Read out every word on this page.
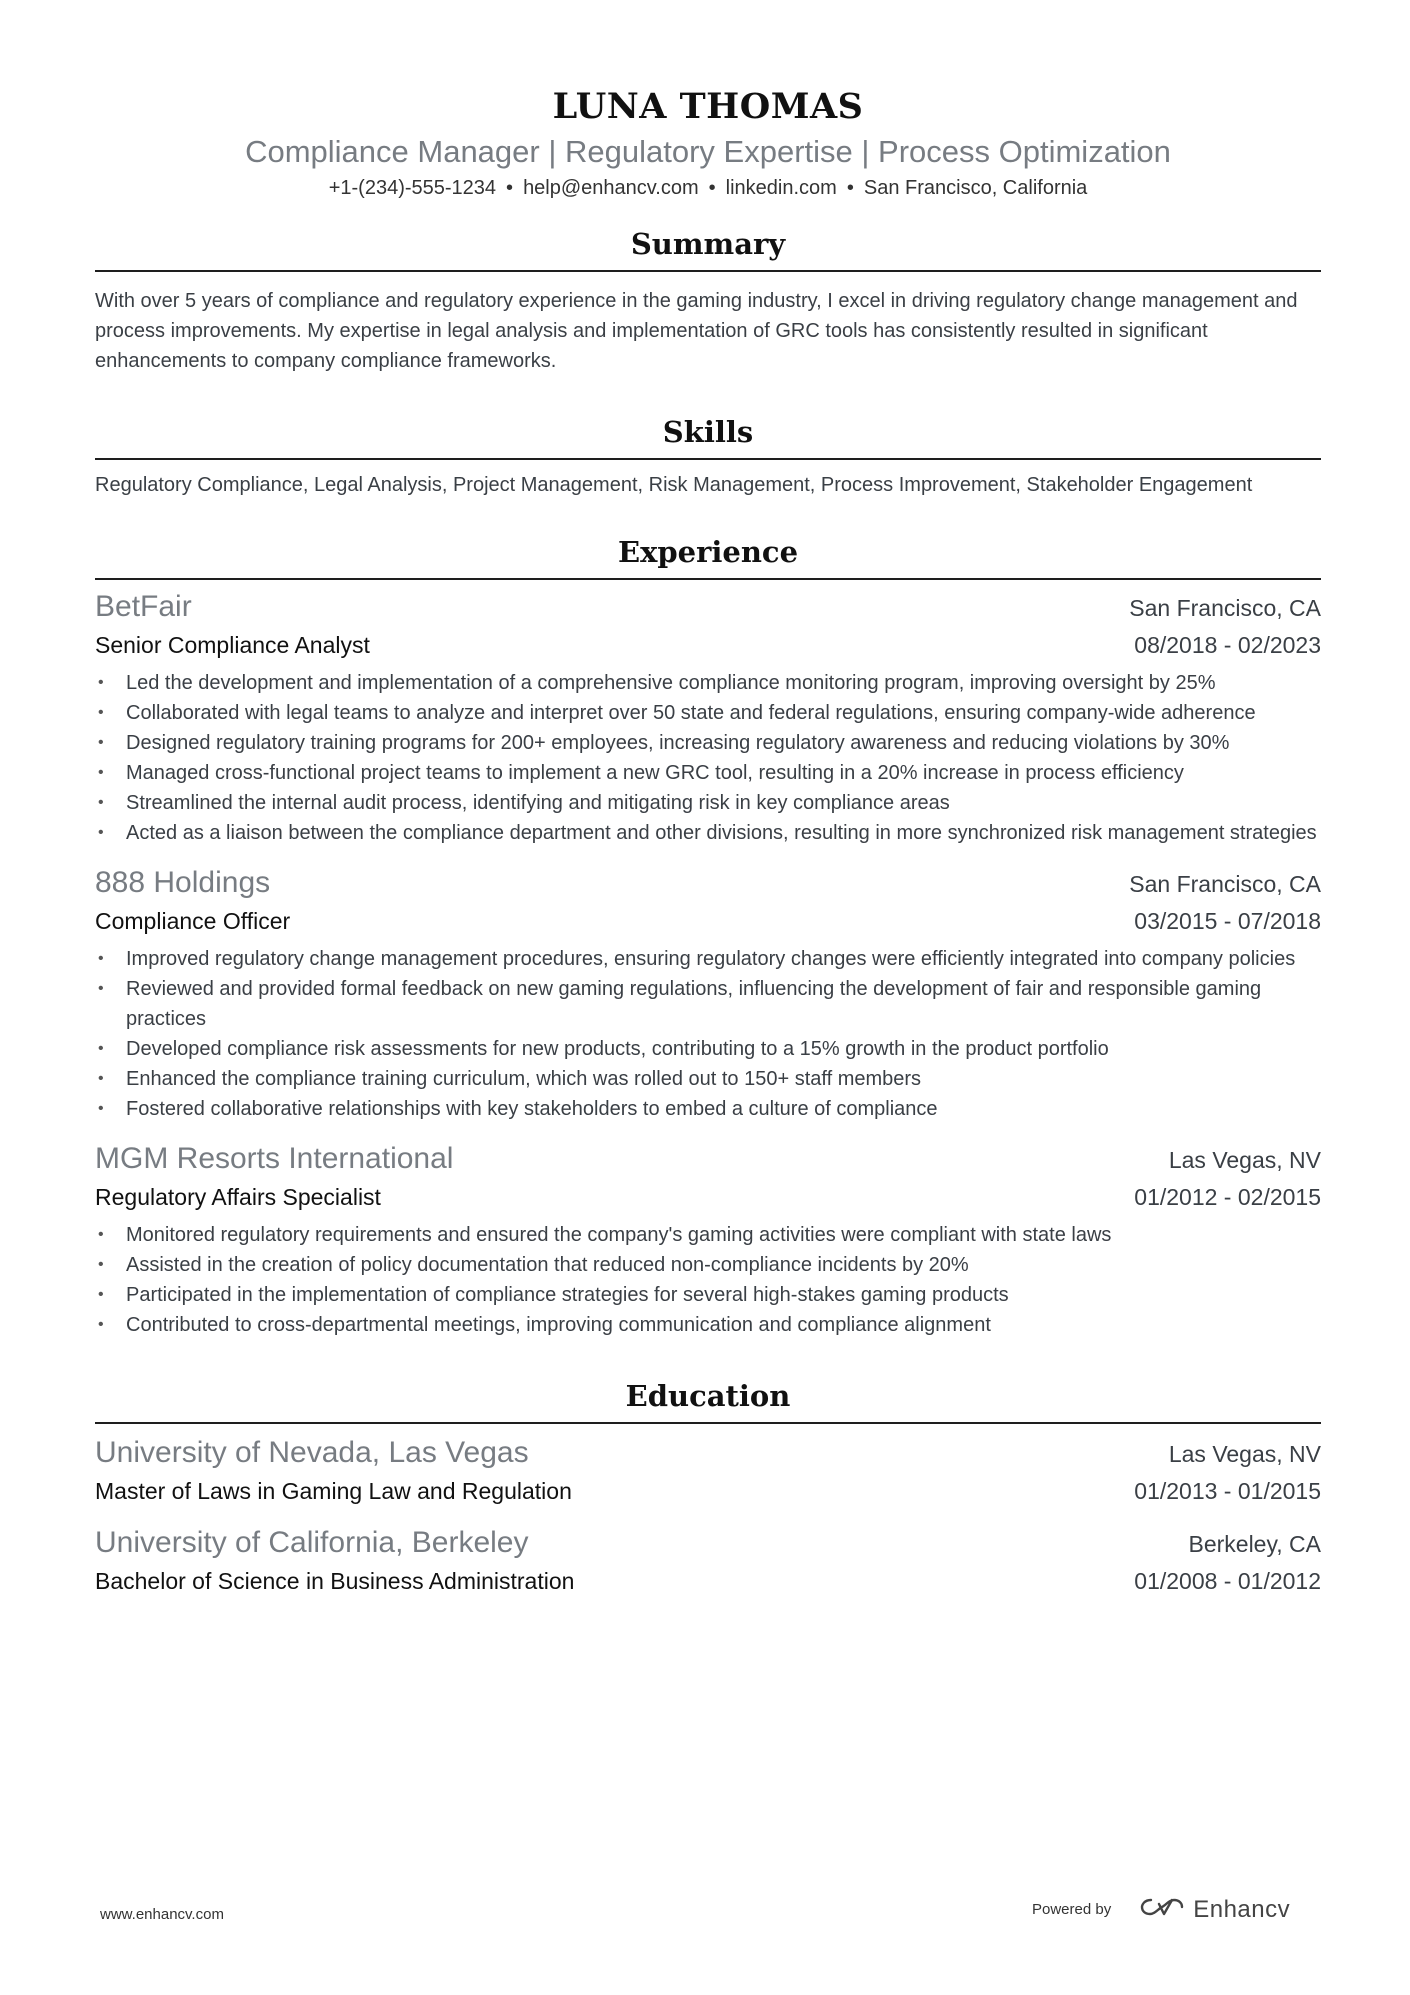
LUNA THOMAS
Compliance Manager | Regulatory Expertise | Process Optimization
+1-(234)-555-1234 • help@enhancv.com • linkedin.com • San Francisco, California
Summary
With over 5 years of compliance and regulatory experience in the gaming industry, I excel in driving regulatory change management and process improvements. My expertise in legal analysis and implementation of GRC tools has consistently resulted in significant enhancements to company compliance frameworks.
Skills
Regulatory Compliance, Legal Analysis, Project Management, Risk Management, Process Improvement, Stakeholder Engagement
Experience
BetFair	San Francisco, CA
Senior Compliance Analyst	08/2018 - 02/2023
• Led the development and implementation of a comprehensive compliance monitoring program, improving oversight by 25%
• Collaborated with legal teams to analyze and interpret over 50 state and federal regulations, ensuring company-wide adherence
• Designed regulatory training programs for 200+ employees, increasing regulatory awareness and reducing violations by 30%
• Managed cross-functional project teams to implement a new GRC tool, resulting in a 20% increase in process efficiency
• Streamlined the internal audit process, identifying and mitigating risk in key compliance areas
• Acted as a liaison between the compliance department and other divisions, resulting in more synchronized risk management strategies
888 Holdings	San Francisco, CA
Compliance Officer	03/2015 - 07/2018
• Improved regulatory change management procedures, ensuring regulatory changes were efficiently integrated into company policies
• Reviewed and provided formal feedback on new gaming regulations, influencing the development of fair and responsible gaming practices
• Developed compliance risk assessments for new products, contributing to a 15% growth in the product portfolio
• Enhanced the compliance training curriculum, which was rolled out to 150+ staff members
• Fostered collaborative relationships with key stakeholders to embed a culture of compliance
MGM Resorts International	Las Vegas, NV
Regulatory Affairs Specialist	01/2012 - 02/2015
• Monitored regulatory requirements and ensured the company's gaming activities were compliant with state laws
• Assisted in the creation of policy documentation that reduced non-compliance incidents by 20%
• Participated in the implementation of compliance strategies for several high-stakes gaming products
• Contributed to cross-departmental meetings, improving communication and compliance alignment
Education
University of Nevada, Las Vegas	Las Vegas, NV
Master of Laws in Gaming Law and Regulation	01/2013 - 01/2015
University of California, Berkeley	Berkeley, CA
Bachelor of Science in Business Administration	01/2008 - 01/2012
www.enhancv.com	Powered by	Enhancv
